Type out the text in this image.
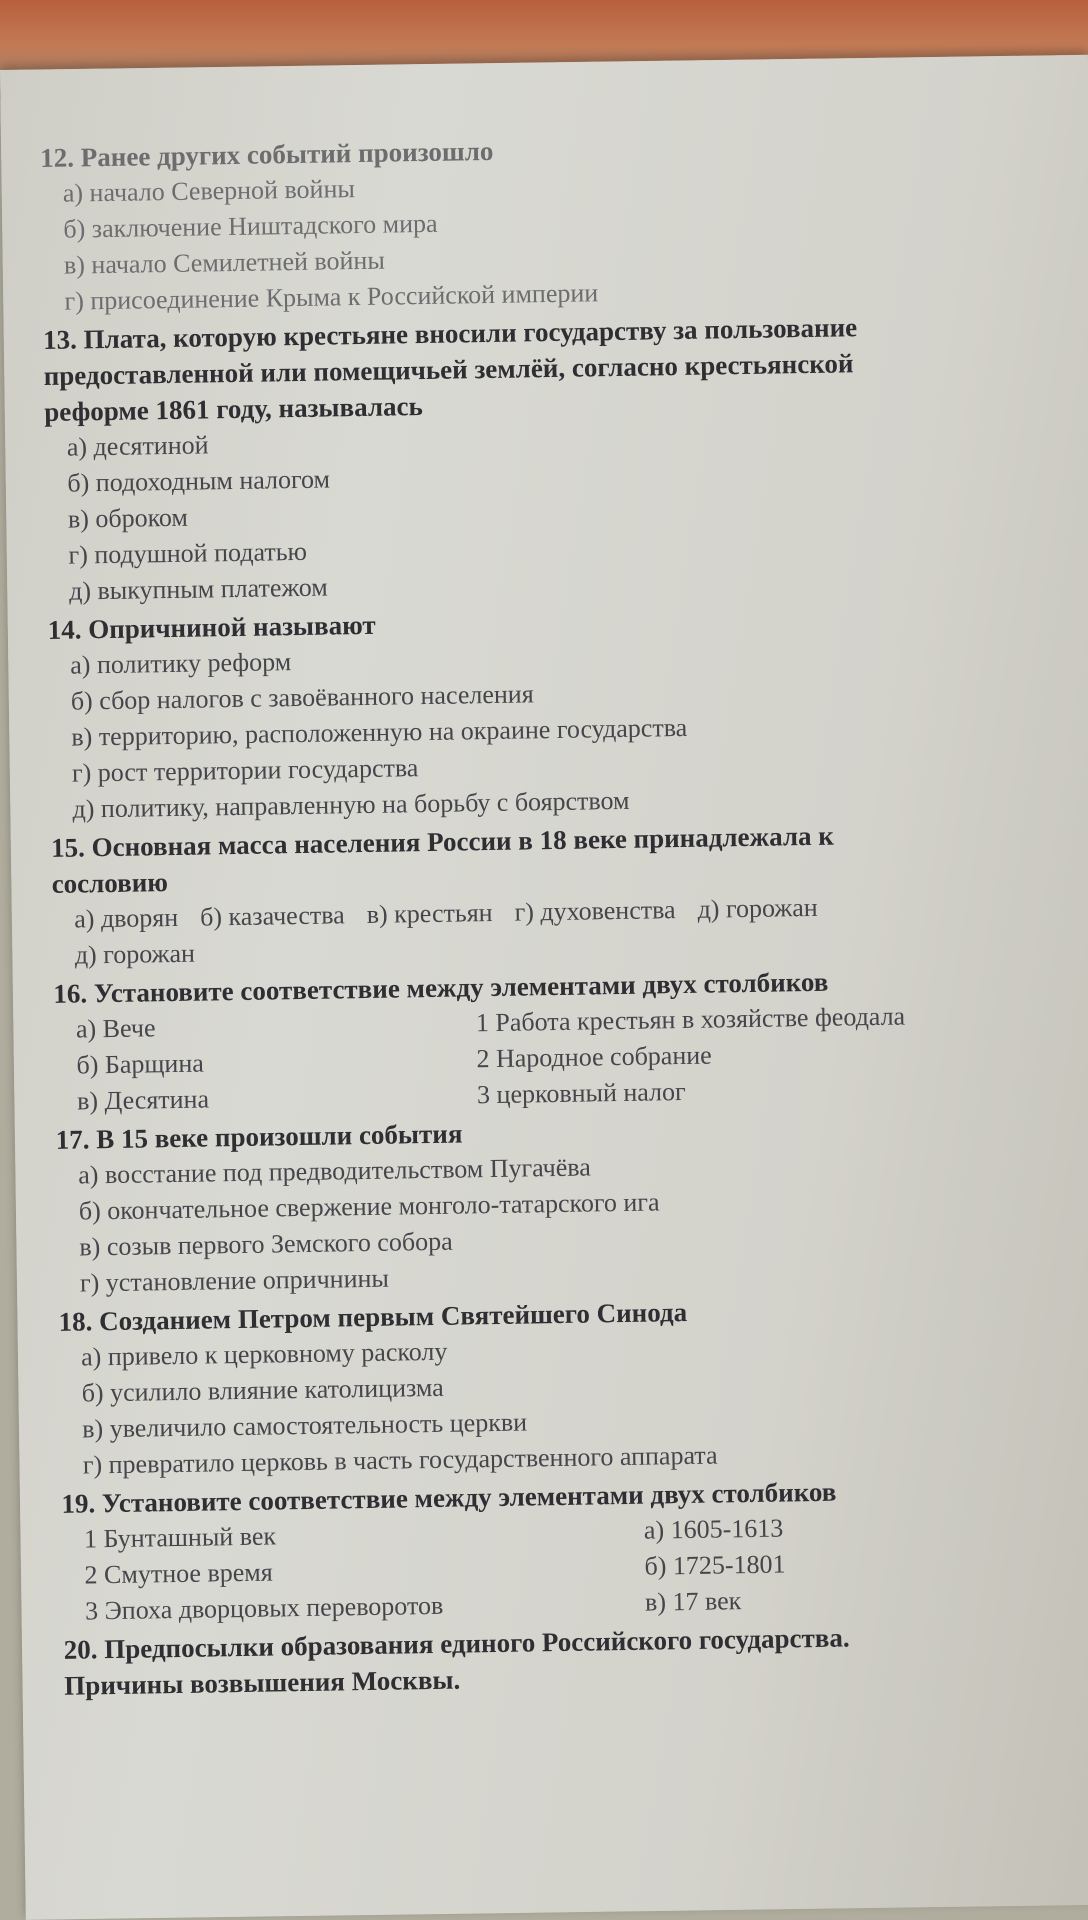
12. Ранее других событий произошло

а) начало Северной войны

б) заключение Ништадского мира

в) начало Семилетней войны

г) присоединение Крыма к Российской империи

13. Плата, которую крестьяне вносили государству за пользование

предоставленной или помещичьей землёй, согласно крестьянской

реформе 1861 году, называлась

а) десятиной

б) подоходным налогом

в) оброком

г) подушной податью

д) выкупным платежом

14. Опричниной называют

а) политику реформ

б) сбор налогов с завоёванного населения

в) территорию, расположенную на окраине государства

г) рост территории государства

д) политику, направленную на борьбу с боярством

15. Основная масса населения России в 18 веке принадлежала к

сословию

а) дворян б) казачества в) крестьян г) духовенства д) горожан

д) горожан

16. Установите соответствие между элементами двух столбиков

а) Вече	1 Работа крестьян в хозяйстве феодала
б) Барщина	2 Народное собрание
в) Десятина	3 церковный налог

17. В 15 веке произошли события

а) восстание под предводительством Пугачёва

б) окончательное свержение монголо-татарского ига

в) созыв первого Земского собора

г) установление опричнины

18. Созданием Петром первым Святейшего Синода

а) привело к церковному расколу

б) усилило влияние католицизма

в) увеличило самостоятельность церкви

г) превратило церковь в часть государственного аппарата

19. Установите соответствие между элементами двух столбиков

1 Бунташный век	а) 1605-1613
2 Смутное время	б) 1725-1801
3 Эпоха дворцовых переворотов	в) 17 век

20. Предпосылки образования единого Российского государства.

Причины возвышения Москвы.
